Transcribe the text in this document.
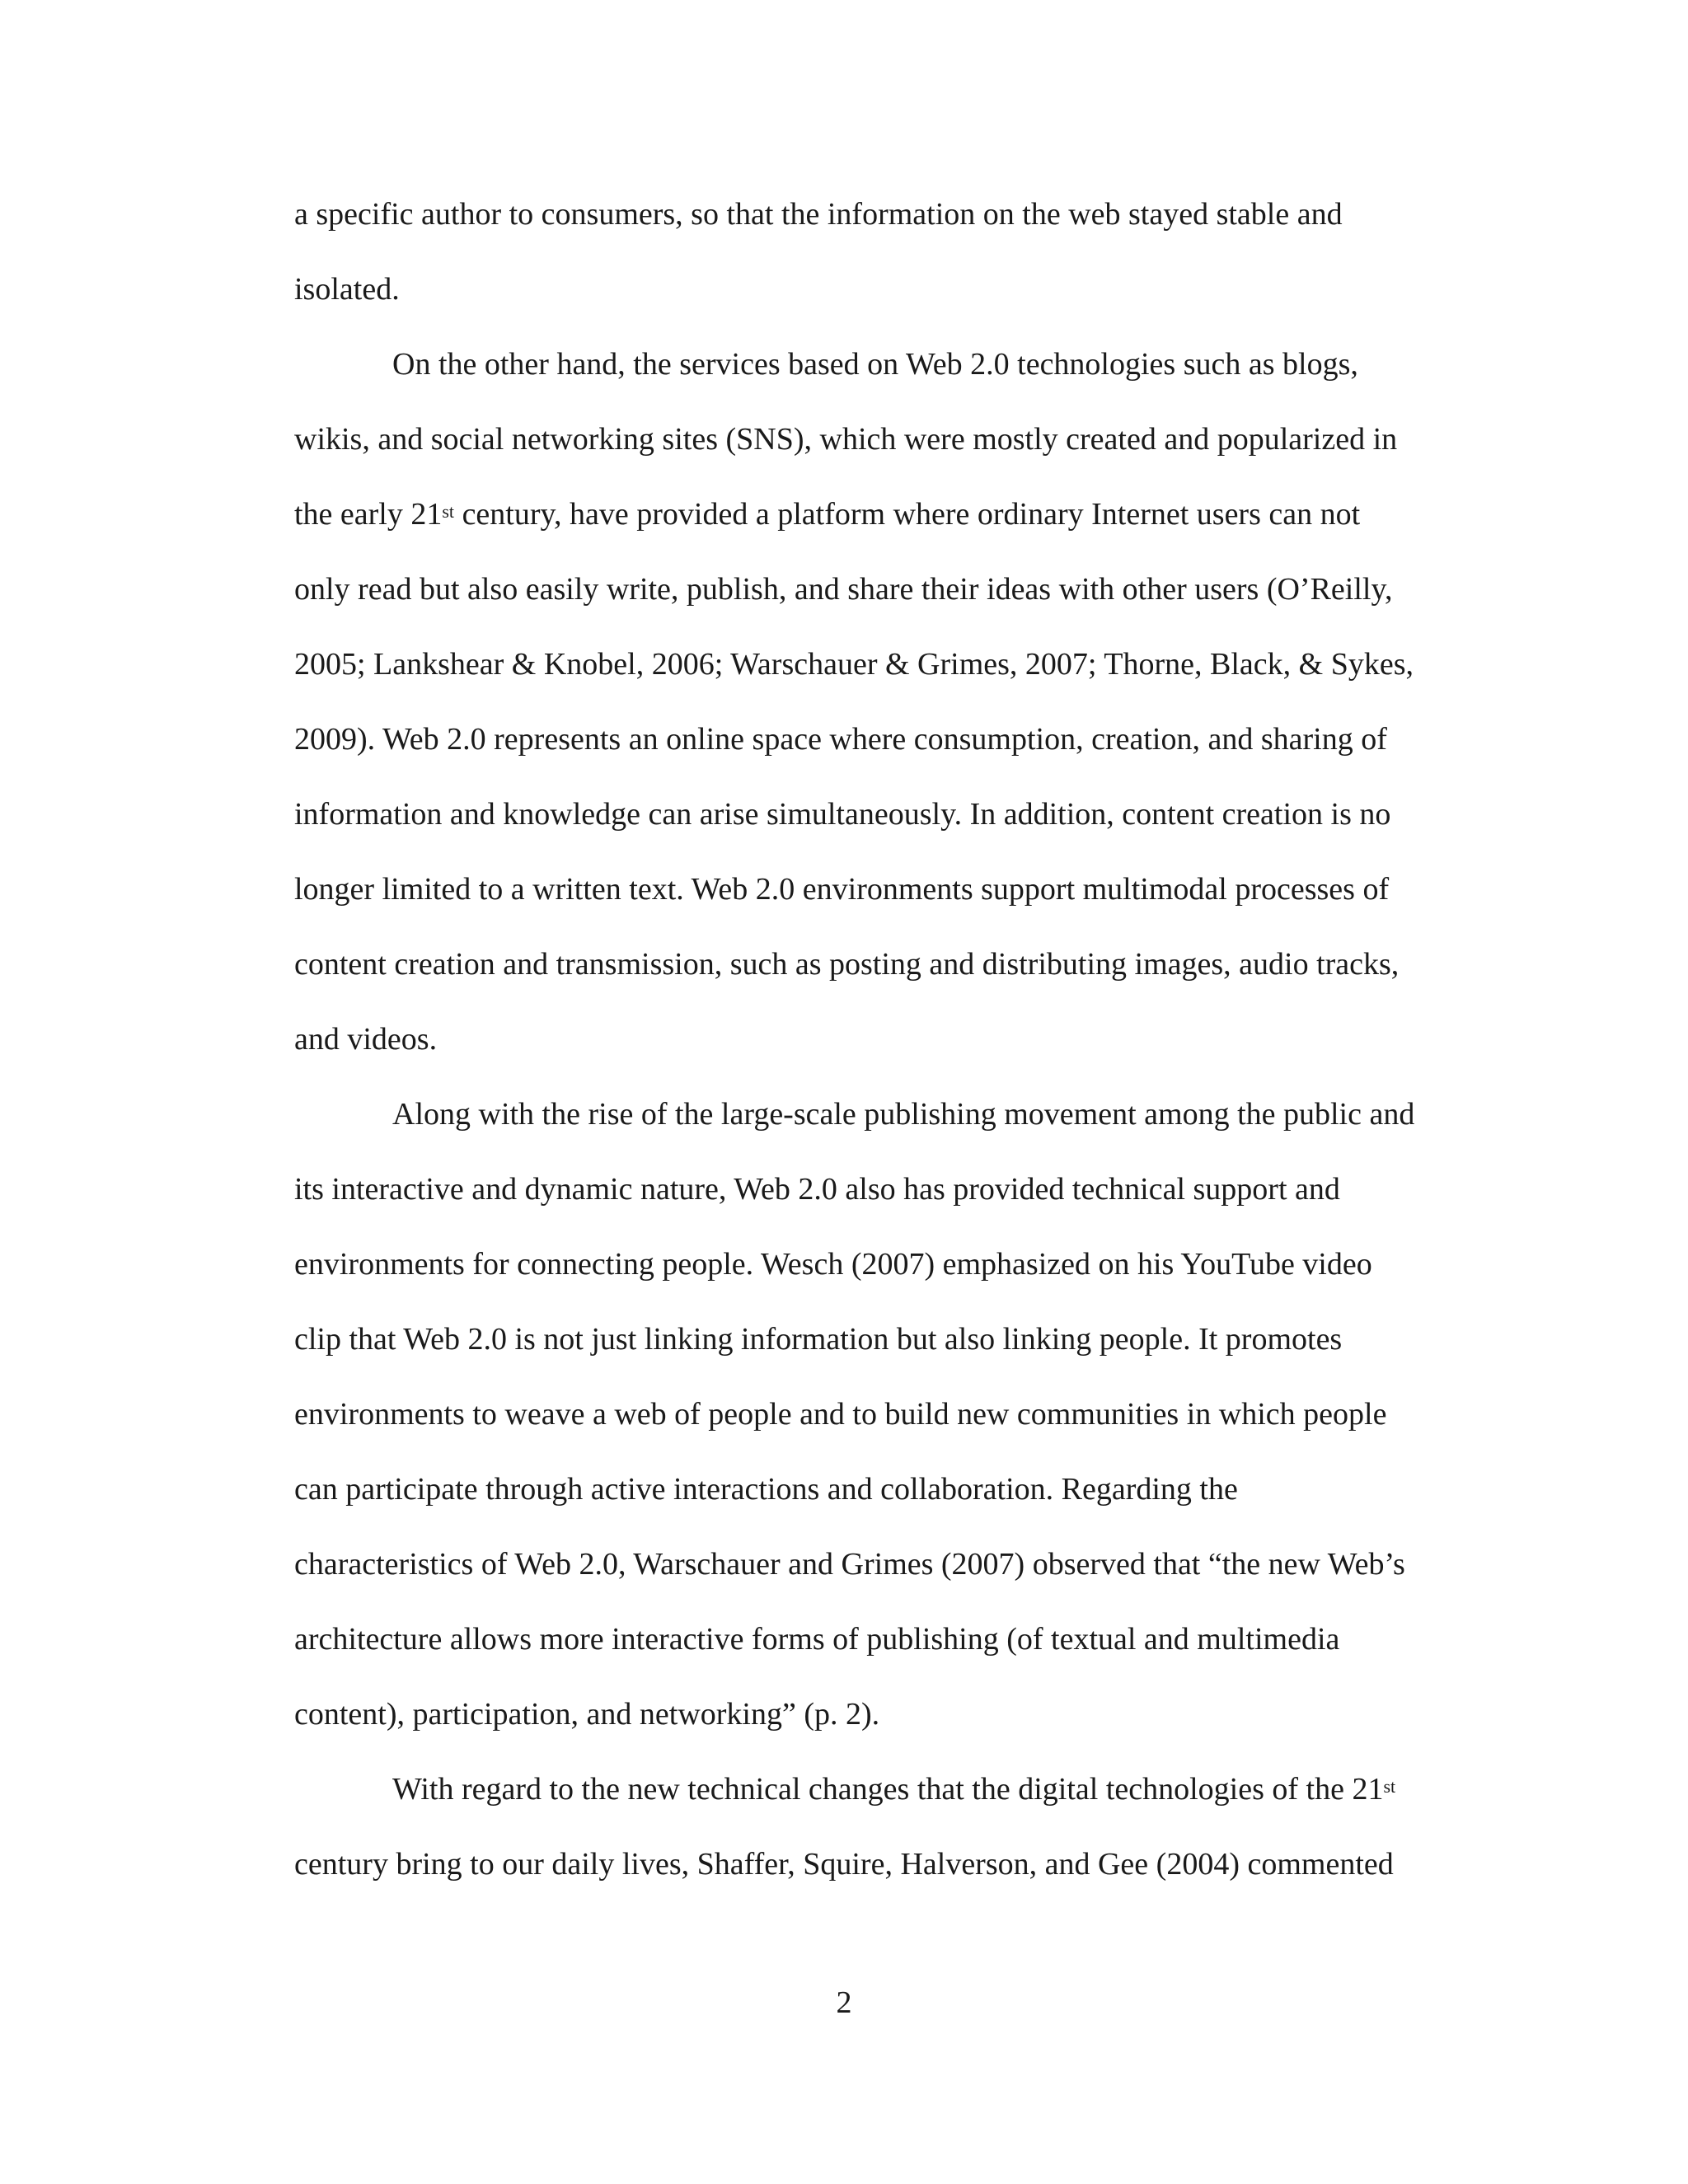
a specific author to consumers, so that the information on the web stayed stable and

isolated.

On the other hand, the services based on Web 2.0 technologies such as blogs,

wikis, and social networking sites (SNS), which were mostly created and popularized in

the early 21st century, have provided a platform where ordinary Internet users can not

only read but also easily write, publish, and share their ideas with other users (O’Reilly,

2005; Lankshear & Knobel, 2006; Warschauer & Grimes, 2007; Thorne, Black, & Sykes,

2009). Web 2.0 represents an online space where consumption, creation, and sharing of

information and knowledge can arise simultaneously. In addition, content creation is no

longer limited to a written text. Web 2.0 environments support multimodal processes of

content creation and transmission, such as posting and distributing images, audio tracks,

and videos.

Along with the rise of the large-scale publishing movement among the public and

its interactive and dynamic nature, Web 2.0 also has provided technical support and

environments for connecting people. Wesch (2007) emphasized on his YouTube video

clip that Web 2.0 is not just linking information but also linking people. It promotes

environments to weave a web of people and to build new communities in which people

can participate through active interactions and collaboration. Regarding the

characteristics of Web 2.0, Warschauer and Grimes (2007) observed that “the new Web’s

architecture allows more interactive forms of publishing (of textual and multimedia

content), participation, and networking” (p. 2).

With regard to the new technical changes that the digital technologies of the 21st

century bring to our daily lives, Shaffer, Squire, Halverson, and Gee (2004) commented

2
